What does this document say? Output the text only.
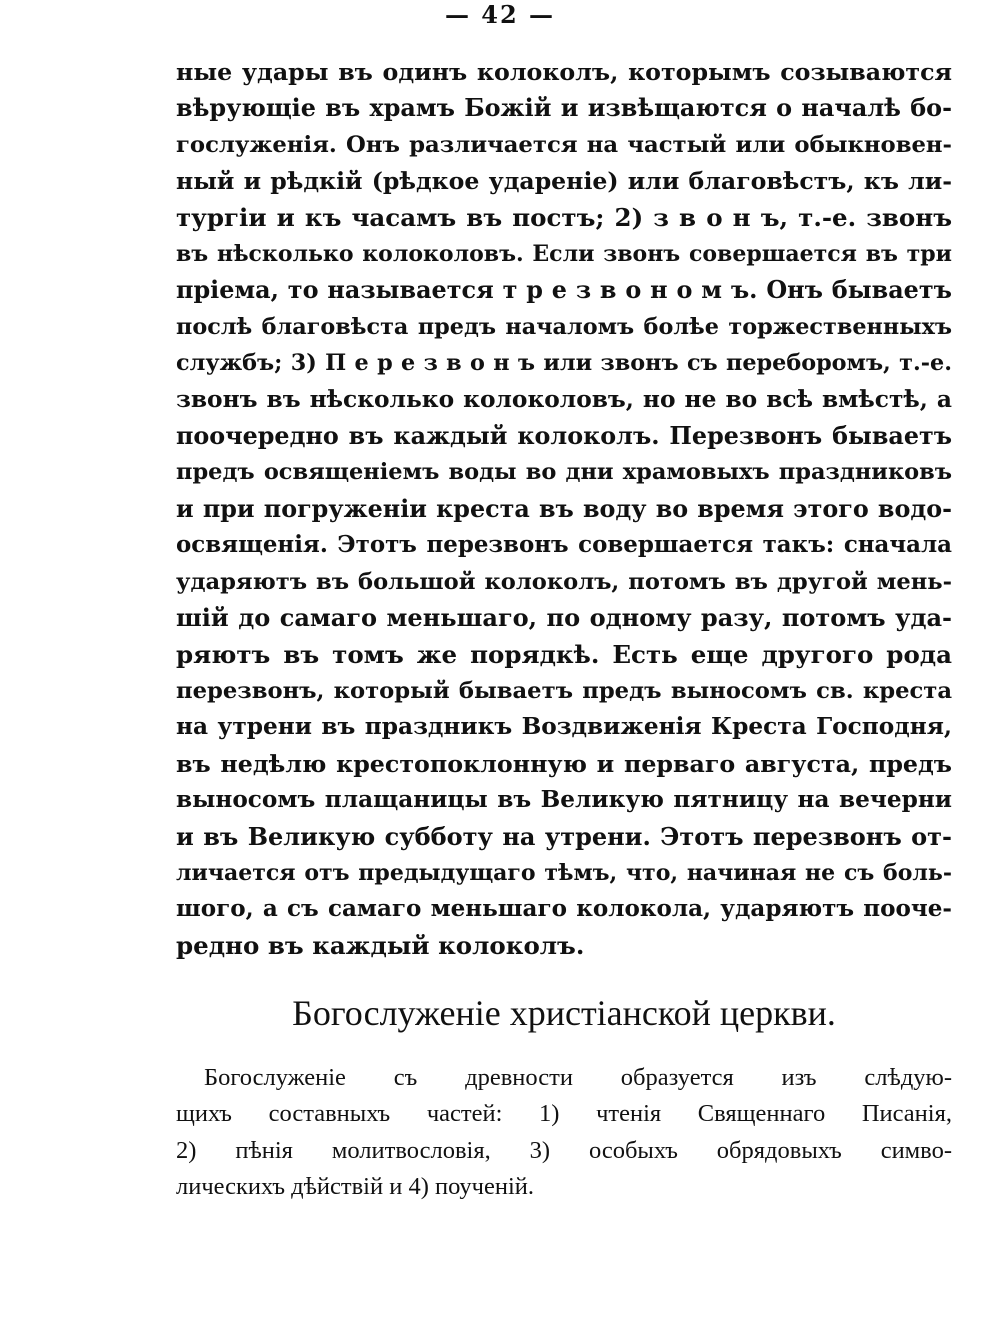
— 42 —
ные удары въ одинъ колоколъ, которымъ созываются
вѣрующіе въ храмъ Божій и извѣщаются о началѣ бо-
гослуженія. Онъ различается на частый или обыкновен-
ный и рѣдкій (рѣдкое удареніе) или благовѣстъ, къ ли-
тургіи и къ часамъ въ постъ; 2) з в о н ъ, т.-е. звонъ
въ нѣсколько колоколовъ. Если звонъ совершается въ три
пріема, то называется т р е з в о н о м ъ. Онъ бываетъ
послѣ благовѣста предъ началомъ болѣе торжественныхъ
службъ; 3) П е р е з в о н ъ или звонъ съ переборомъ, т.-е.
звонъ въ нѣсколько колоколовъ, но не во всѣ вмѣстѣ, а
поочередно въ каждый колоколъ. Перезвонъ бываетъ
предъ освященіемъ воды во дни храмовыхъ праздниковъ
и при погруженіи креста въ воду во время этого водо-
освященія. Этотъ перезвонъ совершается такъ: сначала
ударяютъ въ большой колоколъ, потомъ въ другой мень-
шій до самаго меньшаго, по одному разу, потомъ уда-
ряютъ въ томъ же порядкѣ. Есть еще другого рода
перезвонъ, который бываетъ предъ выносомъ св. креста
на утрени въ праздникъ Воздвиженія Креста Господня,
въ недѣлю крестопоклонную и перваго августа, предъ
выносомъ плащаницы въ Великую пятницу на вечерни
и въ Великую субботу на утрени. Этотъ перезвонъ от-
личается отъ предыдущаго тѣмъ, что, начиная не съ боль-
шого, а съ самаго меньшаго колокола, ударяютъ пооче-
редно въ каждый колоколъ.
Богослуженіе христіанской церкви.
Богослуженіе съ древности образуется изъ слѣдую-
щихъ составныхъ частей: 1) чтенія Священнаго Писанія,
2) пѣнія молитвословія, 3) особыхъ обрядовыхъ симво-
лическихъ дѣйствій и 4) поученій.
